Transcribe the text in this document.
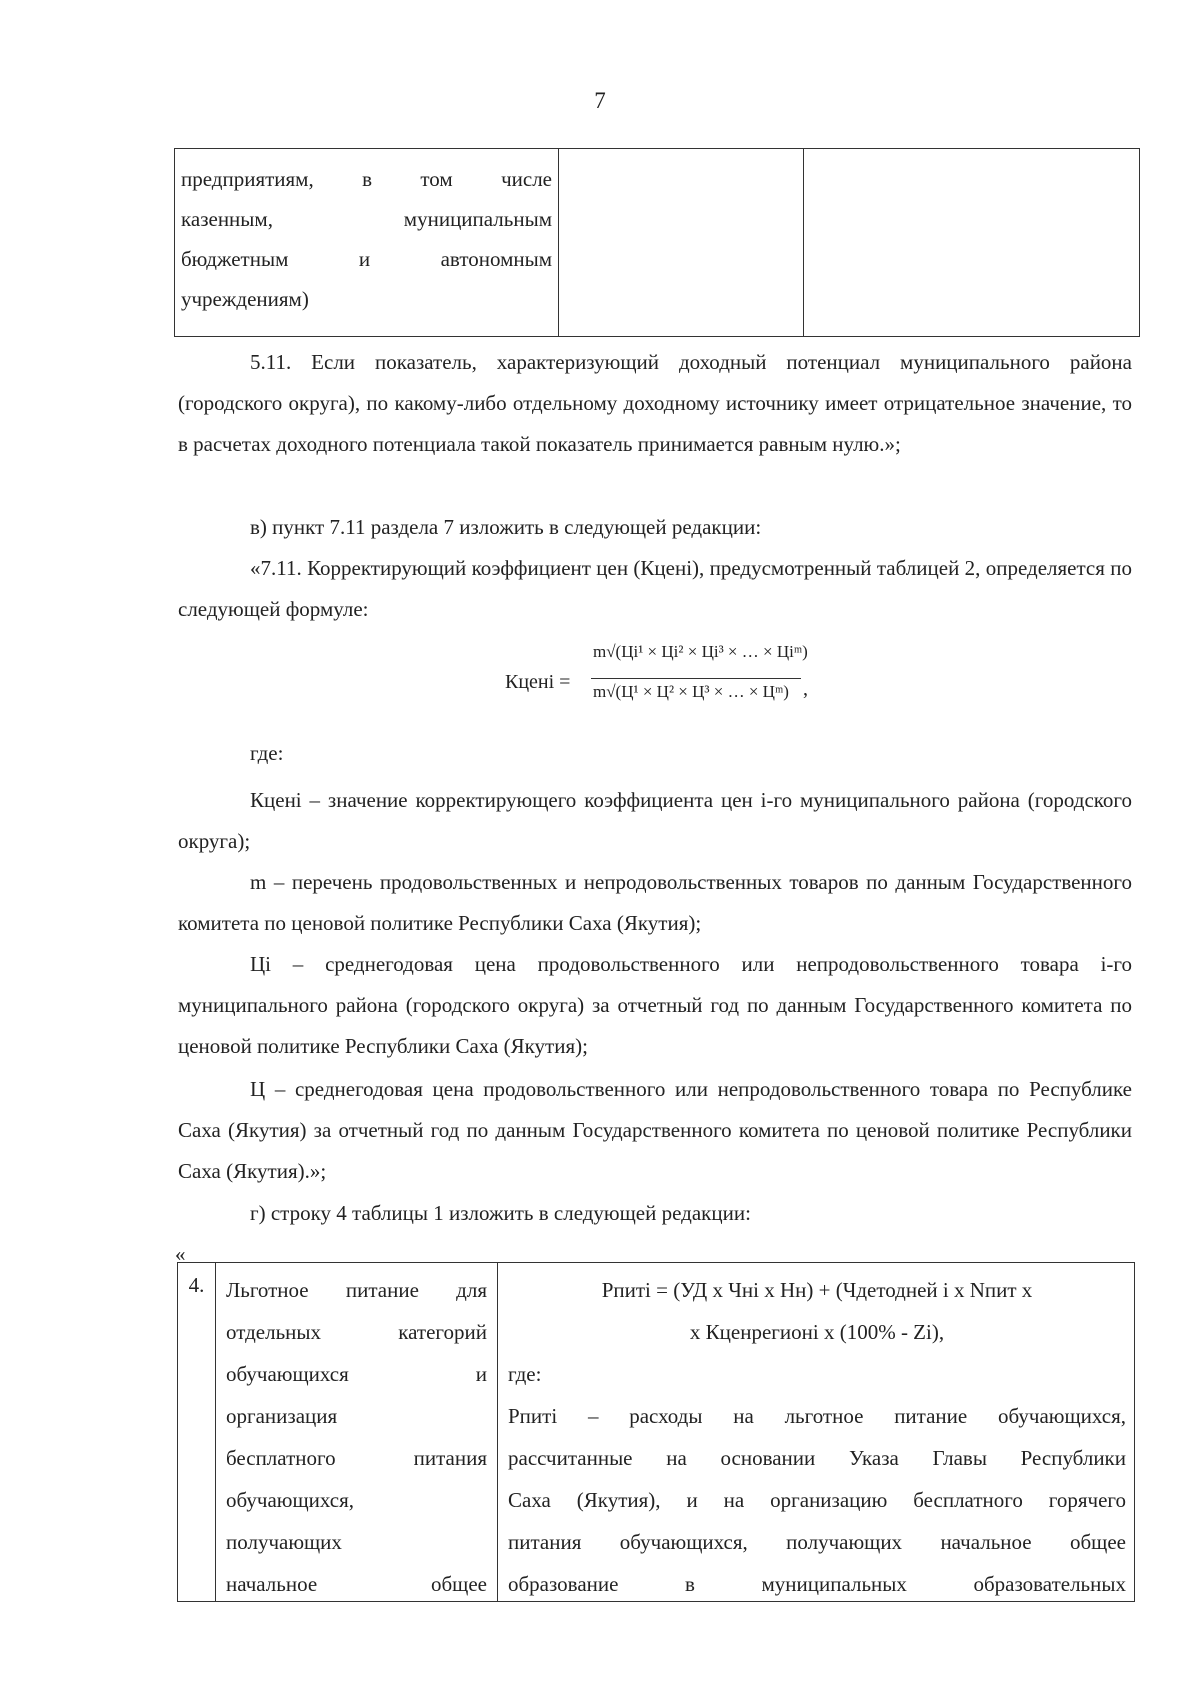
7
предприятиям, в том числе
казенным, муниципальным
бюджетным и автономным
учреждениям)
5.11. Если показатель, характеризующий доходный потенциал муниципального района (городского округа), по какому-либо отдельному доходному источнику имеет отрицательное значение, то в расчетах доходного потенциала такой показатель принимается равным нулю.»;
в) пункт 7.11 раздела 7 изложить в следующей редакции:
«7.11. Корректирующий коэффициент цен (Кценi), предусмотренный таблицей 2, определяется по следующей формуле:
Кценi =
m√(Цi¹ × Цi² × Цi³ × … × Цiᵐ)
m√(Ц¹ × Ц² × Ц³ × … × Цᵐ) ,
где:
Кценi – значение корректирующего коэффициента цен i-го муниципального района (городского округа);
m – перечень продовольственных и непродовольственных товаров по данным Государственного комитета по ценовой политике Республики Саха (Якутия);
Цi – среднегодовая цена продовольственного или непродовольственного товара i-го муниципального района (городского округа) за отчетный год по данным Государственного комитета по ценовой политике Республики Саха (Якутия);
Ц – среднегодовая цена продовольственного или непродовольственного товара по Республике Саха (Якутия) за отчетный год по данным Государственного комитета по ценовой политике Республики Саха (Якутия).»;
г) строку 4 таблицы 1 изложить в следующей редакции:
«
4.	Льготное питание для
отдельных категорий
обучающихся и
организация
бесплатного питания
обучающихся,
получающих
начальное общее
Рпитi = (УД х Чнi х Нн) + (Чдетодней i х Nпит х
х Кценрегионi х (100% - Zi),
где:
Рпитi – расходы на льготное питание обучающихся,
рассчитанные на основании Указа Главы Республики
Саха (Якутия), и на организацию бесплатного горячего
питания обучающихся, получающих начальное общее
образование в муниципальных образовательных
